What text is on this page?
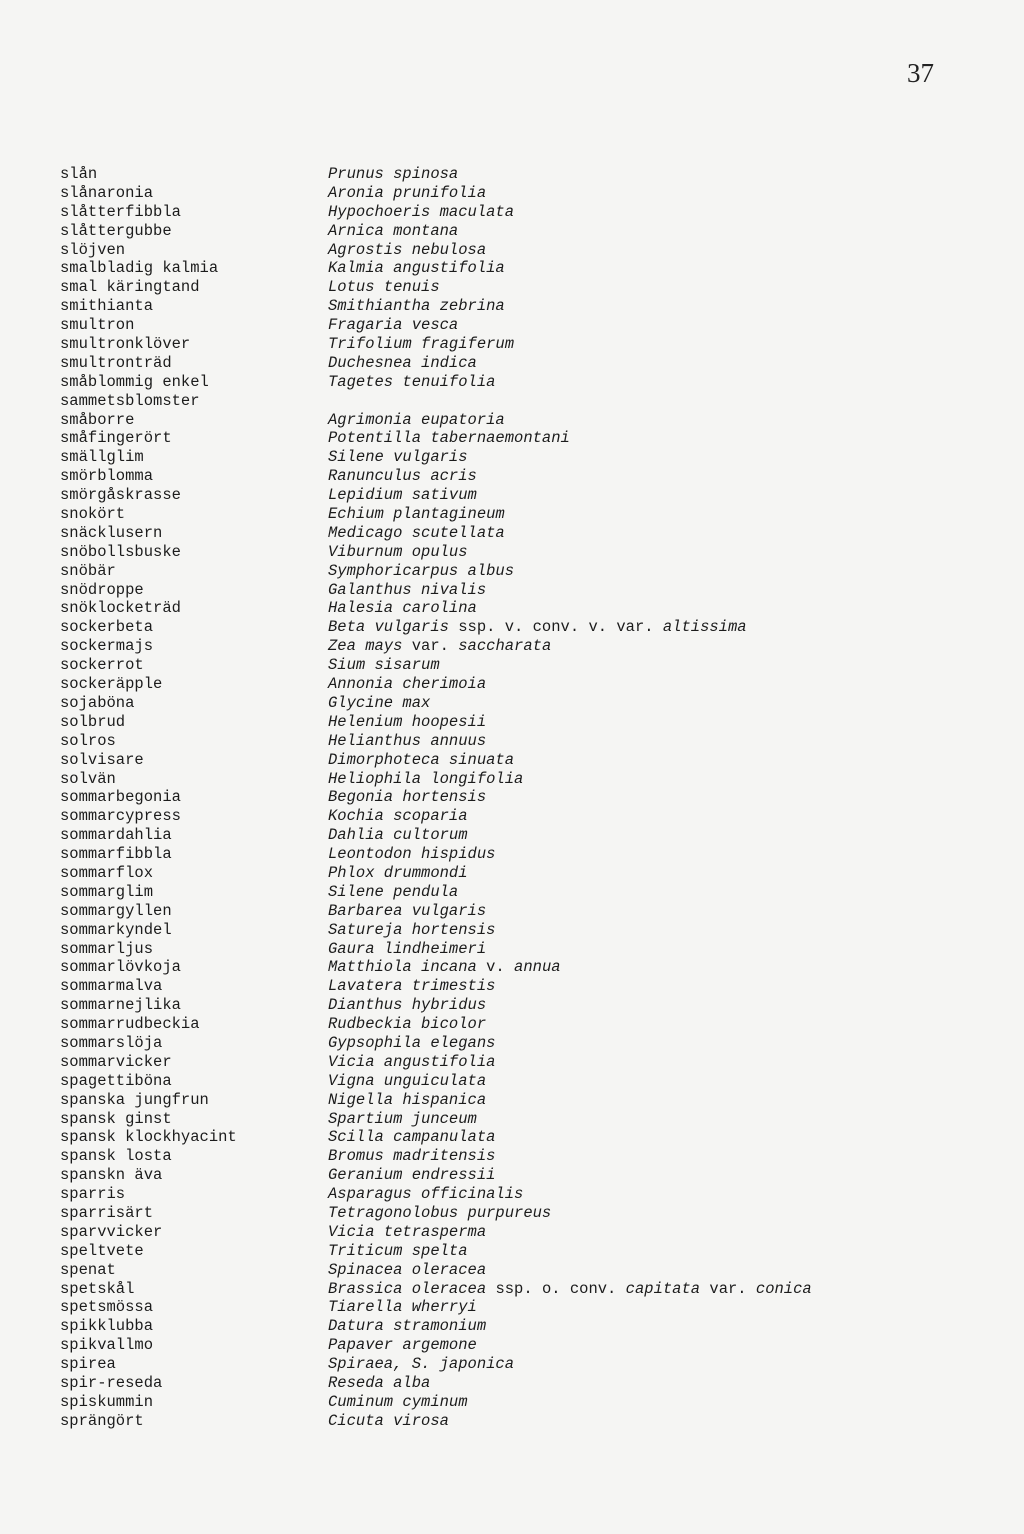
37
slån	Prunus spinosa
slånaronia	Aronia prunifolia
slåtterfibbla	Hypochoeris maculata
slåttergubbe	Arnica montana
slöjven	Agrostis nebulosa
smalbladig kalmia	Kalmia angustifolia
smal käringtand	Lotus tenuis
smithianta	Smithiantha zebrina
smultron	Fragaria vesca
smultronklöver	Trifolium fragiferum
smultronträd	Duchesnea indica
småblommig enkel	Tagetes tenuifolia
sammetsblomster
småborre	Agrimonia eupatoria
småfingerört	Potentilla tabernaemontani
smällglim	Silene vulgaris
smörblomma	Ranunculus acris
smörgåskrasse	Lepidium sativum
snokört	Echium plantagineum
snäcklusern	Medicago scutellata
snöbollsbuske	Viburnum opulus
snöbär	Symphoricarpus albus
snödroppe	Galanthus nivalis
snöklocketräd	Halesia carolina
sockerbeta	Beta vulgaris ssp. v. conv. v. var. altissima
sockermajs	Zea mays var. saccharata
sockerrot	Sium sisarum
sockeräpple	Annonia cherimoia
sojaböna	Glycine max
solbrud	Helenium hoopesii
solros	Helianthus annuus
solvisare	Dimorphoteca sinuata
solvän	Heliophila longifolia
sommarbegonia	Begonia hortensis
sommarcypress	Kochia scoparia
sommardahlia	Dahlia cultorum
sommarfibbla	Leontodon hispidus
sommarflox	Phlox drummondi
sommarglim	Silene pendula
sommargyllen	Barbarea vulgaris
sommarkyndel	Satureja hortensis
sommarljus	Gaura lindheimeri
sommarlövkoja	Matthiola incana v. annua
sommarmalva	Lavatera trimestis
sommarnejlika	Dianthus hybridus
sommarrudbeckia	Rudbeckia bicolor
sommarslöja	Gypsophila elegans
sommarvicker	Vicia angustifolia
spagettiböna	Vigna unguiculata
spanska jungfrun	Nigella hispanica
spansk ginst	Spartium junceum
spansk klockhyacint	Scilla campanulata
spansk losta	Bromus madritensis
spanskn äva	Geranium endressii
sparris	Asparagus officinalis
sparrisärt	Tetragonolobus purpureus
sparvvicker	Vicia tetrasperma
speltvete	Triticum spelta
spenat	Spinacea oleracea
spetskål	Brassica oleracea ssp. o. conv. capitata var. conica
spetsmössa	Tiarella wherryi
spikklubba	Datura stramonium
spikvallmo	Papaver argemone
spirea	Spiraea, S. japonica
spir-reseda	Reseda alba
spiskummin	Cuminum cyminum
sprängört	Cicuta virosa
